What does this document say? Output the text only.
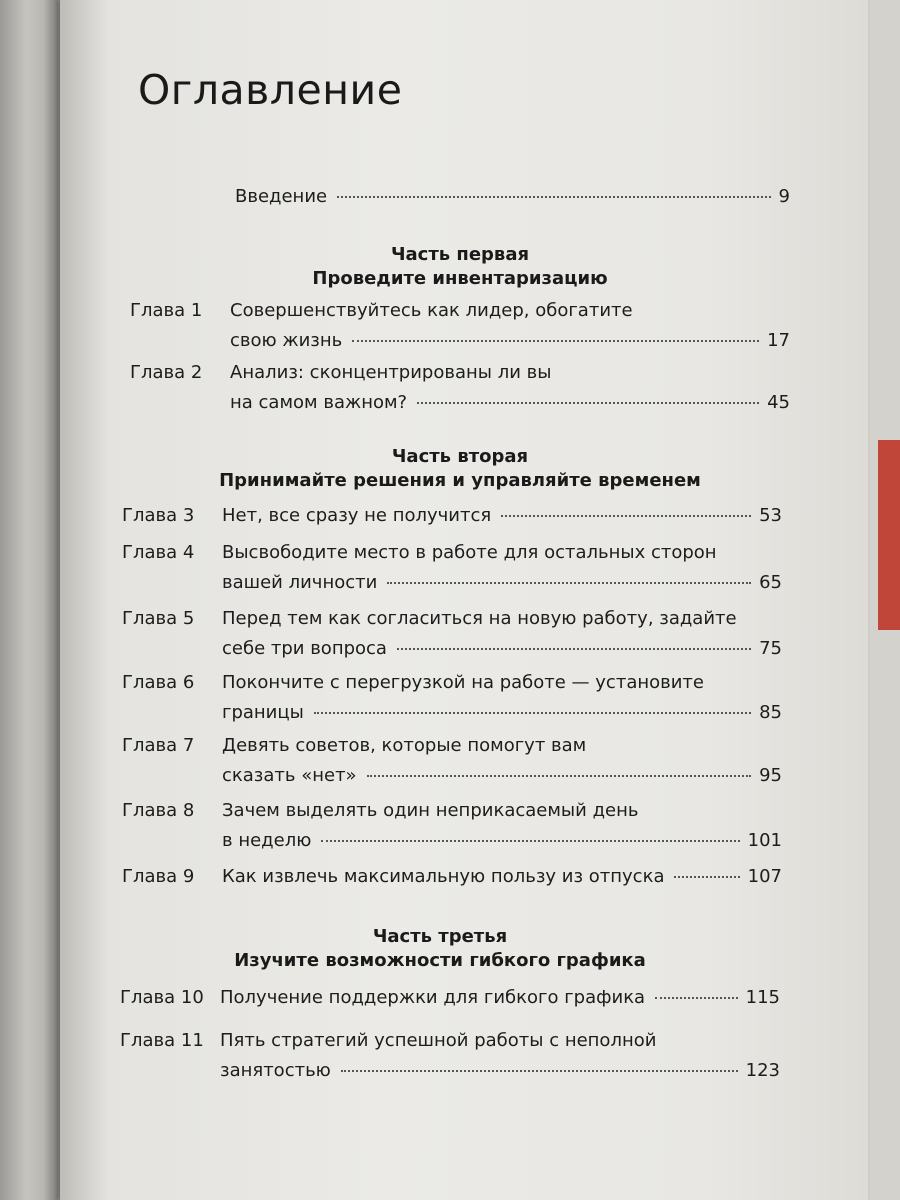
Оглавление
Введение	9
Часть первая
Проведите инвентаризацию
Глава 1 Совершенствуйтесь как лидер, обогатите
свою жизнь	17
Глава 2 Анализ: сконцентрированы ли вы
на самом важном?	45
Часть вторая
Принимайте решения и управляйте временем
Глава 3 Нет, все сразу не получится	53
Глава 4 Высвободите место в работе для остальных сторон
вашей личности	65
Глава 5 Перед тем как согласиться на новую работу, задайте
себе три вопроса	75
Глава 6 Покончите с перегрузкой на работе — установите
границы	85
Глава 7 Девять советов, которые помогут вам
сказать «нет»	95
Глава 8 Зачем выделять один неприкасаемый день
в неделю	101
Глава 9 Как извлечь максимальную пользу из отпуска	107
Часть третья
Изучите возможности гибкого графика
Глава 10 Получение поддержки для гибкого графика	115
Глава 11 Пять стратегий успешной работы с неполной
занятостью	123
